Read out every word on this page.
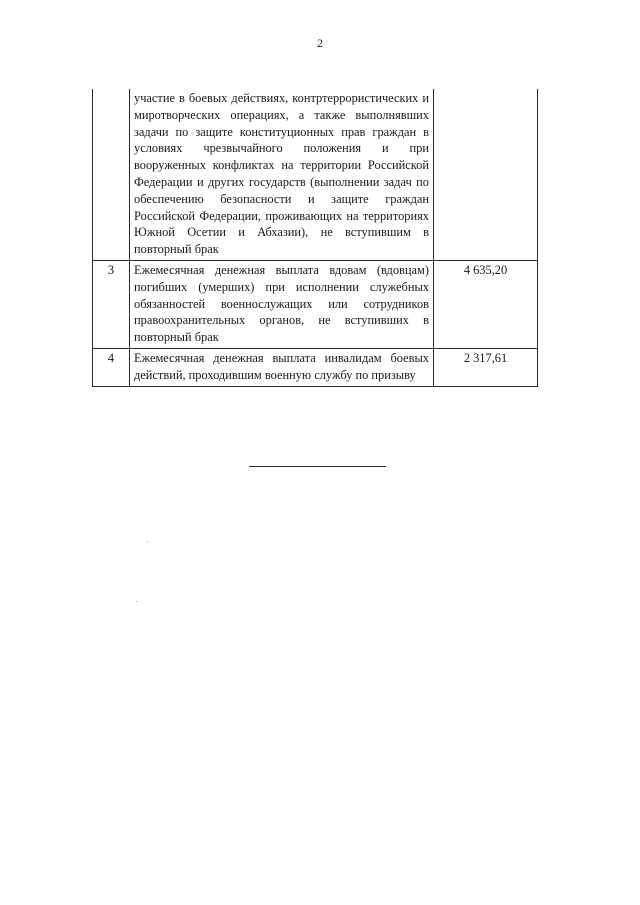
2
	участие в боевых действиях, контртеррористических и миротворческих операциях, а также выполнявших задачи по защите конституционных прав граждан в условиях чрезвычайного положения и при вооруженных конфликтах на территории Российской Федерации и других государств (выполнении задач по обеспечению безопасности и защите граждан Российской Федерации, проживающих на территориях Южной Осетии и Абхазии), не вступившим в повторный брак	
3	Ежемесячная денежная выплата вдовам (вдовцам) погибших (умерших) при исполнении служебных обязанностей военнослужащих или сотрудников правоохранительных органов, не вступивших в повторный брак	4 635,20
4	Ежемесячная денежная выплата инвалидам боевых действий, проходившим военную службу по призыву	2 317,61
